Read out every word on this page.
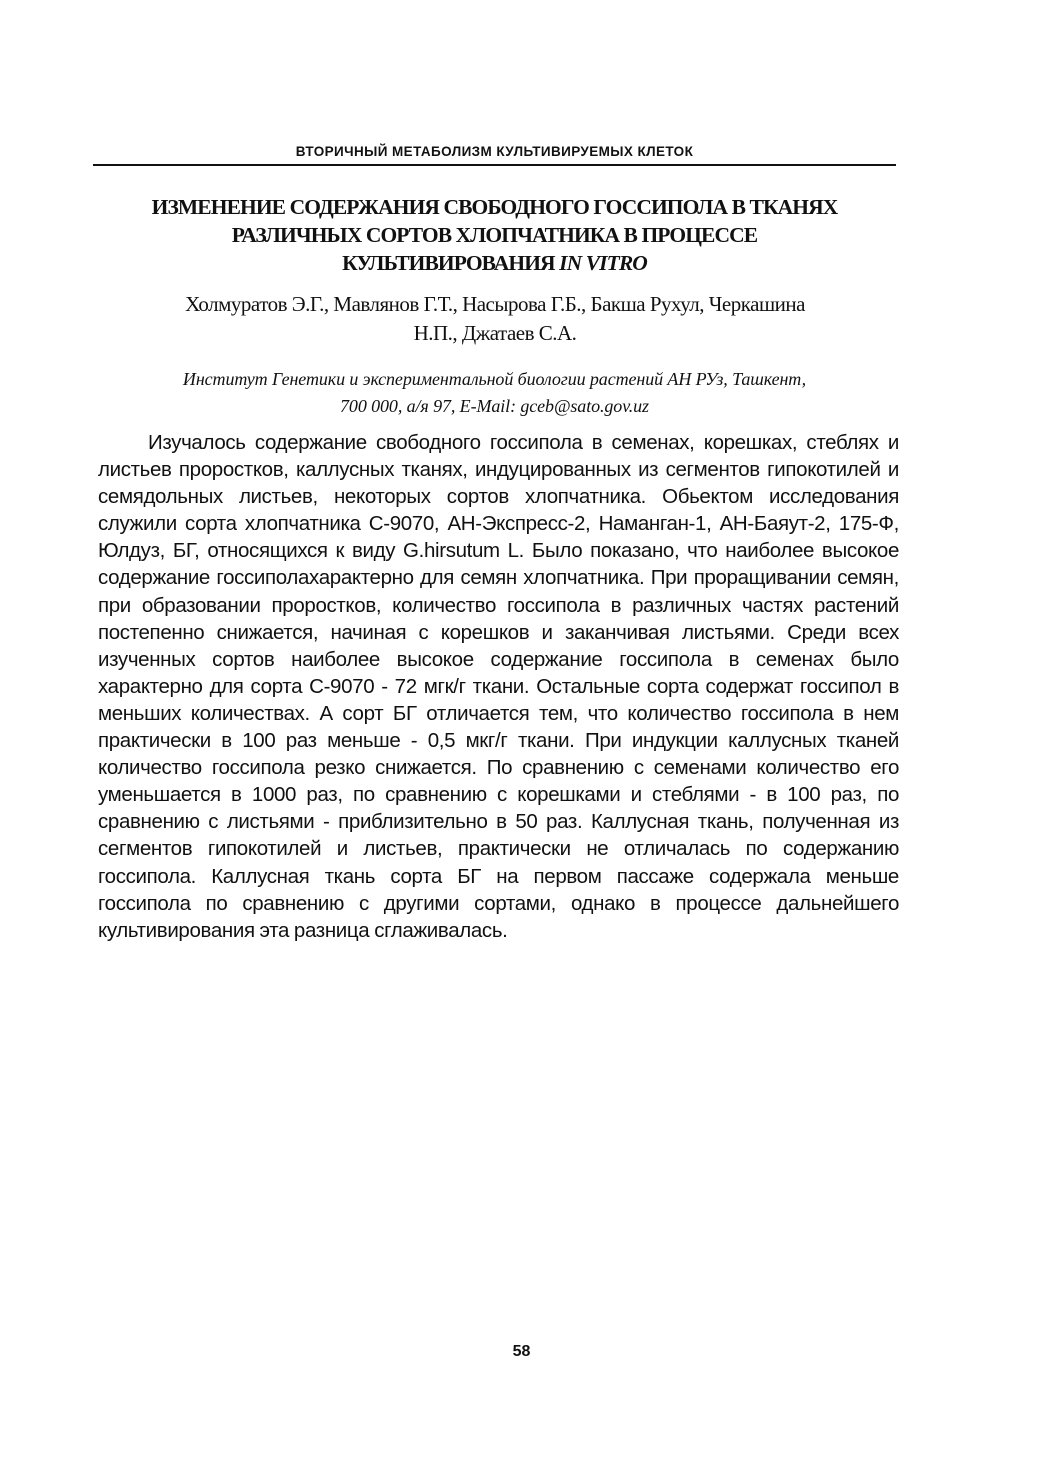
ВТОРИЧНЫЙ МЕТАБОЛИЗМ КУЛЬТИВИРУЕМЫХ КЛЕТОК
ИЗМЕНЕНИЕ СОДЕРЖАНИЯ СВОБОДНОГО ГОССИПОЛА В ТКАНЯХ
РАЗЛИЧНЫХ СОРТОВ ХЛОПЧАТНИКА В ПРОЦЕССЕ
КУЛЬТИВИРОВАНИЯ IN VITRO
Холмуратов Э.Г., Мавлянов Г.Т., Насырова Г.Б., Бакша Рухул, Черкашина
Н.П., Джатаев С.А.
Институт Генетики и экспериментальной биологии растений АН РУз, Ташкент,
700 000, а/я 97, E-Mail: gceb@sato.gov.uz

Изучалось содержание свободного госсипола в семенах, корешках, стеблях и листьев проростков, каллусных тканях, индуцированных из сегментов гипокотилей и семядольных листьев, некоторых сортов хлопчатника. Обьектом исследования служили сорта хлопчатника С-9070, АН-Экспресс-2, Наманган-1, АН-Баяут-2, 175-Ф, Юлдуз, БГ, относящихся к виду G.hirsutum L. Было показано, что наиболее высокое содержание госсиполахарактерно для семян хлопчатника. При проращивании семян, при образовании проростков, количество госсипола в различных частях растений постепенно снижается, начиная с корешков и заканчивая листьями. Среди всех изученных сортов наиболее высокое содержание госсипола в семенах было характерно для сорта С-9070 - 72 мгк/г ткани. Остальные сорта содержат госсипол в меньших количествах. А сорт БГ отличается тем, что количество госсипола в нем практически в 100 раз меньше - 0,5 мкг/г ткани. При индукции каллусных тканей количество госсипола резко снижается. По сравнению с семенами количество его уменьшается в 1000 раз, по сравнению с корешками и стеблями - в 100 раз, по сравнению с листьями - приблизительно в 50 раз. Каллусная ткань, полученная из сегментов гипокотилей и листьев, практически не отличалась по содержанию госсипола. Каллусная ткань сорта БГ на первом пассаже содержала меньше госсипола по сравнению с другими сортами, однако в процессе дальнейшего культивирования эта разница сглаживалась.

58
